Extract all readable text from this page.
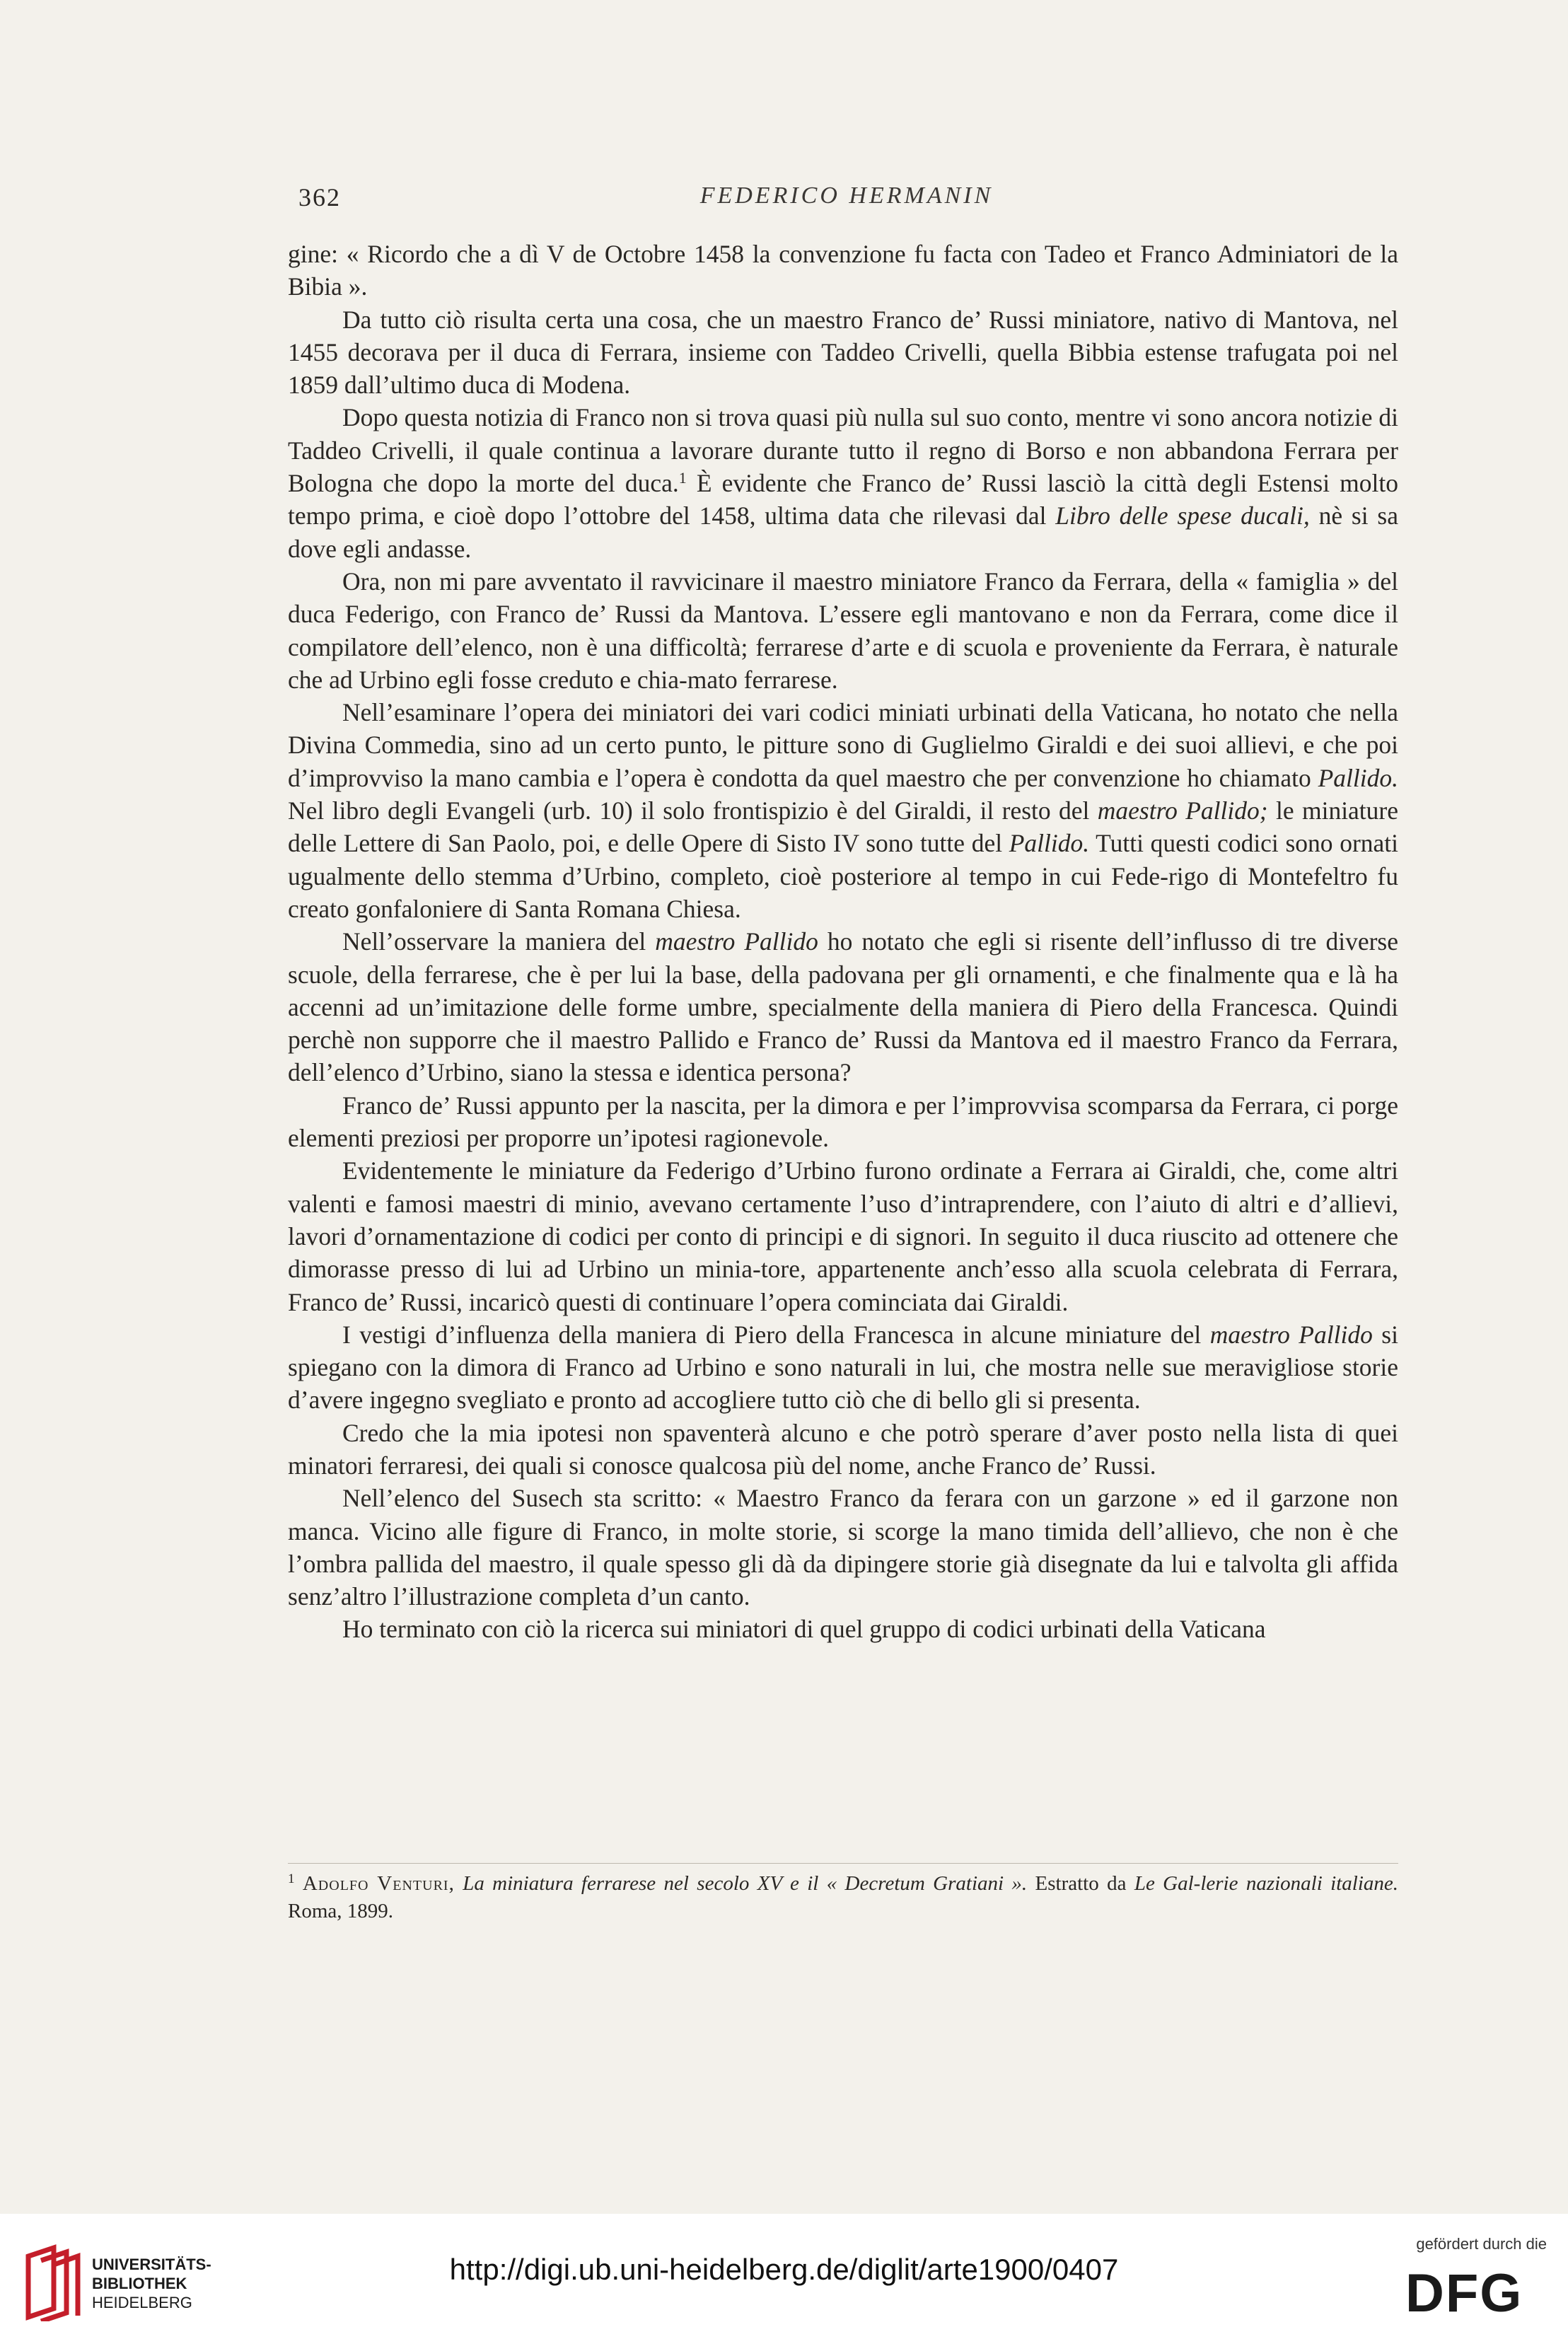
362	FEDERICO HERMANIN

gine: « Ricordo che a dì V de Octobre 1458 la convenzione fu facta con Tadeo et Franco Adminiatori de la Bibia ».

Da tutto ciò risulta certa una cosa, che un maestro Franco de’ Russi miniatore, nativo di Mantova, nel 1455 decorava per il duca di Ferrara, insieme con Taddeo Crivelli, quella Bibbia estense trafugata poi nel 1859 dall’ultimo duca di Modena.

Dopo questa notizia di Franco non si trova quasi più nulla sul suo conto, mentre vi sono ancora notizie di Taddeo Crivelli, il quale continua a lavorare durante tutto il regno di Borso e non abbandona Ferrara per Bologna che dopo la morte del duca.$^1$ È evidente che Franco de’ Russi lasciò la città degli Estensi molto tempo prima, e cioè dopo l’ottobre del 1458, ultima data che rilevasi dal Libro delle spese ducali, nè si sa dove egli andasse.

Ora, non mi pare avventato il ravvicinare il maestro miniatore Franco da Ferrara, della « famiglia » del duca Federigo, con Franco de’ Russi da Mantova. L’essere egli mantovano e non da Ferrara, come dice il compilatore dell’elenco, non è una difficoltà; ferrarese d’arte e di scuola e proveniente da Ferrara, è naturale che ad Urbino egli fosse creduto e chia-mato ferrarese.

Nell’esaminare l’opera dei miniatori dei vari codici miniati urbinati della Vaticana, ho notato che nella Divina Commedia, sino ad un certo punto, le pitture sono di Guglielmo Giraldi e dei suoi allievi, e che poi d’improvviso la mano cambia e l’opera è condotta da quel maestro che per convenzione ho chiamato Pallido. Nel libro degli Evangeli (urb. 10) il solo frontispizio è del Giraldi, il resto del maestro Pallido; le miniature delle Lettere di San Paolo, poi, e delle Opere di Sisto IV sono tutte del Pallido. Tutti questi codici sono ornati ugualmente dello stemma d’Urbino, completo, cioè posteriore al tempo in cui Fede-rigo di Montefeltro fu creato gonfaloniere di Santa Romana Chiesa.

Nell’osservare la maniera del maestro Pallido ho notato che egli si risente dell’influsso di tre diverse scuole, della ferrarese, che è per lui la base, della padovana per gli ornamenti, e che finalmente qua e là ha accenni ad un’imitazione delle forme umbre, specialmente della maniera di Piero della Francesca. Quindi perchè non supporre che il maestro Pallido e Franco de’ Russi da Mantova ed il maestro Franco da Ferrara, dell’elenco d’Urbino, siano la stessa e identica persona?

Franco de’ Russi appunto per la nascita, per la dimora e per l’improvvisa scomparsa da Ferrara, ci porge elementi preziosi per proporre un’ipotesi ragionevole.

Evidentemente le miniature da Federigo d’Urbino furono ordinate a Ferrara ai Giraldi, che, come altri valenti e famosi maestri di minio, avevano certamente l’uso d’intraprendere, con l’aiuto di altri e d’allievi, lavori d’ornamentazione di codici per conto di principi e di signori. In seguito il duca riuscito ad ottenere che dimorasse presso di lui ad Urbino un minia-tore, appartenente anch’esso alla scuola celebrata di Ferrara, Franco de’ Russi, incaricò questi di continuare l’opera cominciata dai Giraldi.

I vestigi d’influenza della maniera di Piero della Francesca in alcune miniature del maestro Pallido si spiegano con la dimora di Franco ad Urbino e sono naturali in lui, che mostra nelle sue meravigliose storie d’avere ingegno svegliato e pronto ad accogliere tutto ciò che di bello gli si presenta.

Credo che la mia ipotesi non spaventerà alcuno e che potrò sperare d’aver posto nella lista di quei minatori ferraresi, dei quali si conosce qualcosa più del nome, anche Franco de’ Russi.

Nell’elenco del Susech sta scritto: « Maestro Franco da ferara con un garzone » ed il garzone non manca. Vicino alle figure di Franco, in molte storie, si scorge la mano timida dell’allievo, che non è che l’ombra pallida del maestro, il quale spesso gli dà da dipingere storie già disegnate da lui e talvolta gli affida senz’altro l’illustrazione completa d’un canto.

Ho terminato con ciò la ricerca sui miniatori di quel gruppo di codici urbinati della Vaticana

$^1$ Adolfo Venturi, La miniatura ferrarese nel secolo XV e il « Decretum Gratiani ». Estratto da Le Gal-lerie nazionali italiane. Roma, 1899.
UNIVERSITÄTS-
BIBLIOTHEK
HEIDELBERG
http://digi.ub.uni-heidelberg.de/diglit/arte1900/0407
gefördert durch die
DFG
